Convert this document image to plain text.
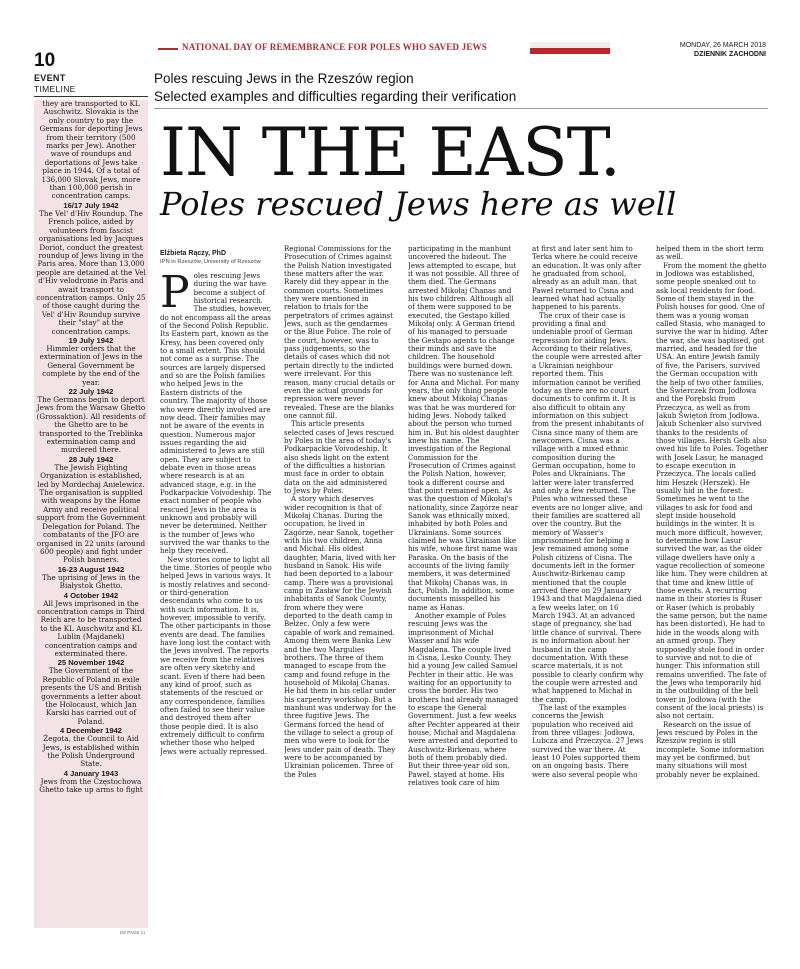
10
EVENT
TIMELINE
NATIONAL DAY OF REMEMBRANCE FOR POLES WHO SAVED JEWS	MONDAY, 26 MARCH 2018
DZIENNIK ZACHODNI
Poles rescuing Jews in the Rzeszów region
Selected examples and difficulties regarding their verification
IN THE EAST.
Poles rescued Jews here as well

they are transported to KL Auschwitz. Slovakia is the only country to pay the Germans for deporting Jews from their territory (500 marks per Jew). Another wave of roundups and deportations of Jews take place in 1944. Of a total of 136,000 Slovak Jews, more than 100,000 perish in concentration camps.

16/17 July 1942

The Vel' d'Hiv Roundup. The French police, aided by volunteers from fascist organisations led by Jacques Doriot, conduct the greatest roundup of Jews living in the Paris area. More than 13,000 people are detained at the Vel d'Hiv velodrome in Paris and await transport to concentration camps. Only 25 of those caught during the Vel' d'Hiv Roundup survive their "stay" at the concentration camps.

19 July 1942

Himmler orders that the extermination of Jews in the General Government be complete by the end of the year.

22 July 1942

The Germans begin to deport Jews from the Warsaw Ghetto (Grossaktion). All residents of the Ghetto are to be transported to the Treblinka extermination camp and murdered there.

28 July 1942

The Jewish Fighting Organization is established, led by Mordechaj Anielewicz. The organisation is supplied with weapons by the Home Army and receive political support from the Government Delegation for Poland. The combatants of the JFO are organised in 22 units (around 600 people) and fight under Polish banners.

16-23 August 1942

The uprising of Jews in the Białystok Ghetto.

4 October 1942

All Jews imprisoned in the concentration camps in Third Reich are to be transported to the KL Auschwitz and KL Lublin (Majdanek) concentration camps and exterminated there.

25 November 1942

The Government of the Republic of Poland in exile presents the US and British governments a letter about the Holocaust, which Jan Karski has carried out of Poland.

4 December 1942

Żegota, the Council to Aid Jews, is established within the Polish Underground State.

4 January 1943

Jews from the Częstochowa Ghetto take up arms to fight

DZ PAGE 11
Elżbieta Rączy, PhD
IPN in Rzeszów, University of Rzeszów

Poles rescuing Jews during the war have become a subject of historical research. The studies, however, do not encompass all the areas of the Second Polish Republic. Its Eastern part, known as the Kresy, has been covered only to a small extent. This should not come as a surprise. The sources are largely dispersed and so are the Polish families who helped Jews in the Eastern districts of the country. The majority of those who were directly involved are now dead. Their families may not be aware of the events in question. Numerous major issues regarding the aid administered to Jews are still open. They are subject to debate even in those areas where research is at an advanced stage, e.g. in the Podkarpackie Voivodeship. The exact number of people who rescued Jews in the area is unknown and probably will never be determined. Neither is the number of Jews who survived the war thanks to the help they received.

New stories come to light all the time. Stories of people who helped Jews in various ways. It is mostly relatives and second- or third-generation descendants who come to us with such information. It is, however, impossible to verify. The other participants in those events are dead. The families have long lost the contact with the Jews involved. The reports we receive from the relatives are often very sketchy and scant. Even if there had been any kind of proof, such as statements of the rescued or any correspondence, families often failed to see their value and destroyed them after those people died. It is also extremely difficult to confirm whether those who helped Jews were actually repressed.

Regional Commissions for the Prosecution of Crimes against the Polish Nation investigated these matters after the war. Rarely did they appear in the common courts. Sometimes they were mentioned in relation to trials for the perpetrators of crimes against Jews, such as the gendarmes or the Blue Police. The role of the court, however, was to pass judgements, so the details of cases which did not pertain directly to the indicted were irrelevant. For this reason, many crucial details or even the actual grounds for repression were never revealed. These are the blanks one cannot fill.

This article presents selected cases of Jews rescued by Poles in the area of today's Podkarpackie Voivodeship. It also sheds light on the extent of the difficulties a historian must face in order to obtain data on the aid administered to Jews by Poles.

A story which deserves wider recognition is that of Mikołaj Chanas. During the occupation, he lived in Zagórze, near Sanok, together with his two children, Anna and Michał. His oldest daughter, Maria, lived with her husband in Sanok. His wife had been deported to a labour camp. There was a provisional camp in Zasław for the Jewish inhabitants of Sanok County, from where they were deported to the death camp in Bełżec. Only a few were capable of work and remained. Among them were Banka Lew and the two Margulies brothers. The three of them managed to escape from the camp and found refuge in the household of Mikołaj Chanas. He hid them in his cellar under his carpentry workshop. But a manhunt was underway for the three fugitive Jews. The Germans forced the head of the village to select a group of men who were to look for the Jews under pain of death. They were to be accompanied by Ukrainian policemen. Three of the Poles

participating in the manhunt uncovered the hideout. The Jews attempted to escape, but it was not possible. All three of them died. The Germans arrested Mikołaj Chanas and his two children. Although all of them were supposed to be executed, the Gestapo killed Mikołaj only. A German friend of his managed to persuade the Gestapo agents to change their minds and save the children. The household buildings were burned down. There was no sustenance left for Anna and Michał. For many years, the only thing people knew about Mikołaj Chanas was that he was murdered for hiding Jews. Nobody talked about the person who turned him in. But his oldest daughter knew his name. The investigation of the Regional Commission for the Prosecution of Crimes against the Polish Nation, however, took a different course and that point remained open. As was the question of Mikołaj's nationality, since Zagórze near Sanok was ethnically mixed, inhabited by both Poles and Ukrainians. Some sources claimed he was Ukrainian like his wife, whose first name was Paraska. On the basis of the accounts of the living family members, it was determined that Mikołaj Chanas was, in fact, Polish. In addition, some documents misspelled his name as Hanas.

Another example of Poles rescuing Jews was the imprisonment of Michał Wasser and his wife Magdalena. The couple lived in Cisna, Lesko County. They hid a young Jew called Samuel Pechter in their attic. He was waiting for an opportunity to cross the border. His two brothers had already managed to escape the General Government. Just a few weeks after Pechter appeared at their house, Michał and Magdalena were arrested and deported to Auschwitz-Birkenau, where both of them probably died. But their three-year old son, Paweł, stayed at home. His relatives took care of him

at first and later sent him to Terka where he could receive an education. It was only after he graduated from school, already as an adult man, that Paweł returned to Cisna and learned what had actually happened to his parents.

The crux of their case is providing a final and undeniable proof of German repression for aiding Jews. According to their relatives, the couple were arrested after a Ukrainian neighbour reported them. This information cannot be verified today as there are no court documents to confirm it. It is also difficult to obtain any information on this subject from the present inhabitants of Cisna since many of them are newcomers. Cisna was a village with a mixed ethnic composition during the German occupation, home to Poles and Ukrainians. The latter were later transferred and only a few returned. The Poles who witnessed these events are no longer alive, and their families are scattered all over the country. But the memory of Wasser's imprisonment for helping a Jew remained among some Polish citizens of Cisna. The documents left in the former Auschwitz-Birkenau camp mentioned that the couple arrived there on 29 January 1943 and that Magdalena died a few weeks later, on 16 March 1943. At an advanced stage of pregnancy, she had little chance of survival. There is no information about her husband in the camp documentation. With these scarce materials, it is not possible to clearly confirm why the couple were arrested and what happened to Michał in the camp.

The last of the examples concerns the Jewish population who received aid from three villages: Jodłowa, Lubcza and Przeczyca. 27 Jews survived the war there. At least 10 Poles supported them on an ongoing basis. There were also several people who

helped them in the short term as well.

From the moment the ghetto in Jodłowa was established, some people sneaked out to ask local residents for food. Some of them stayed in the Polish houses for good. One of them was a young woman called Stasia, who managed to survive the war in hiding. After the war, she was baptised, got married, and headed for the USA. An entire Jewish family of five, the Parisers, survived the German occupation with the help of two other families, the Świerczek from Jodłowa and the Porębski from Przeczyca, as well as from Jakub Świętoń from Jodłowa. Jakub Schenker also survived thanks to the residents of those villages. Hersh Gelb also owed his life to Poles. Together with Josek Lasur, he managed to escape execution in Przeczyca. The locals called him Heszek (Herszek). He usually hid in the forest. Sometimes he went to the villages to ask for food and slept inside household buildings in the winter. It is much more difficult, however, to determine how Lasur survived the war, as the older village dwellers have only a vague recollection of someone like him. They were children at that time and knew little of those events. A recurring name in their stories is Ruser or Raser (which is probably the same person, but the name has been distorted). He had to hide in the woods along with an armed group. They supposedly stole food in order to survive and not to die of hunger. This information still remains unverified. The fate of the Jews who temporarily hid in the outbuilding of the bell tower in Jodłowa (with the consent of the local priests) is also not certain.

Research on the issue of Jews rescued by Poles in the Rzeszów region is still incomplete. Some information may yet be confirmed, but many situations will most probably never be explained.
